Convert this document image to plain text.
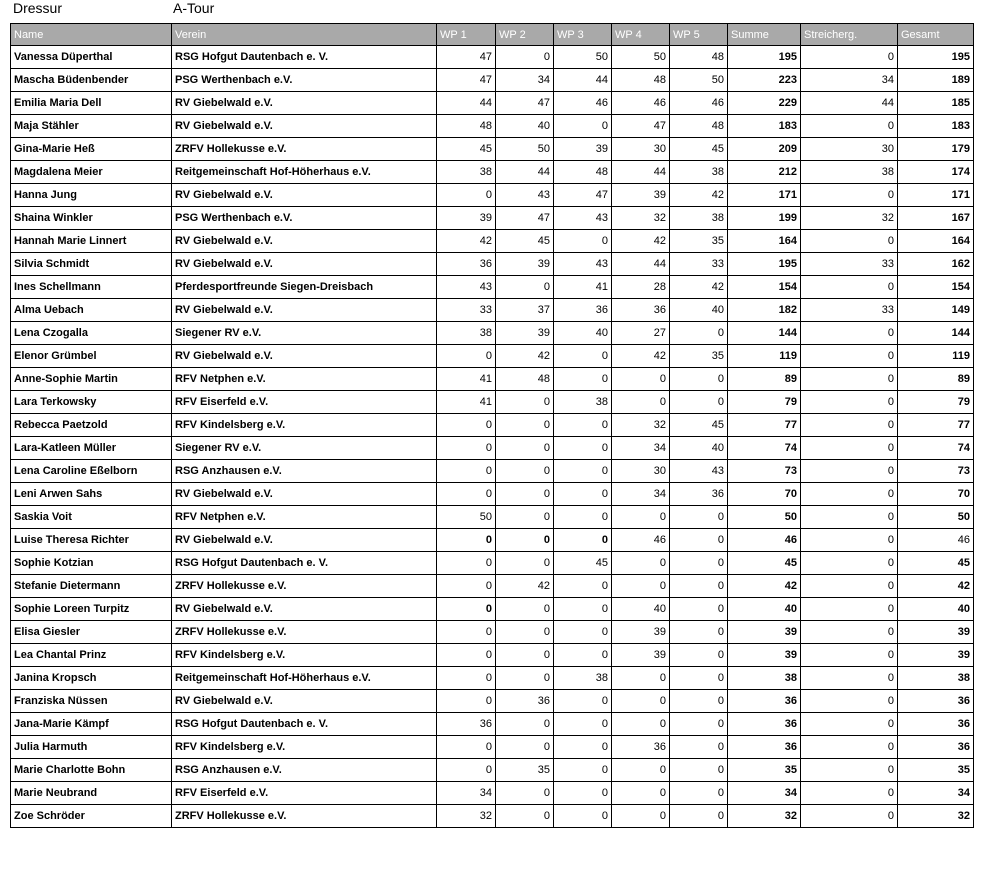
Dressur	A-Tour
Name	Verein	WP 1	WP 2	WP 3	WP 4	WP 5	Summe	Streicherg.	Gesamt
Vanessa Düperthal	RSG Hofgut Dautenbach e. V.	47	0	50	50	48	195	0	195
Mascha Büdenbender	PSG Werthenbach e.V.	47	34	44	48	50	223	34	189
Emilia Maria Dell	RV Giebelwald e.V.	44	47	46	46	46	229	44	185
Maja Stähler	RV Giebelwald e.V.	48	40	0	47	48	183	0	183
Gina-Marie Heß	ZRFV Hollekusse e.V.	45	50	39	30	45	209	30	179
Magdalena Meier	Reitgemeinschaft Hof-Höherhaus e.V.	38	44	48	44	38	212	38	174
Hanna Jung	RV Giebelwald e.V.	0	43	47	39	42	171	0	171
Shaina Winkler	PSG Werthenbach e.V.	39	47	43	32	38	199	32	167
Hannah Marie Linnert	RV Giebelwald e.V.	42	45	0	42	35	164	0	164
Silvia Schmidt	RV Giebelwald e.V.	36	39	43	44	33	195	33	162
Ines Schellmann	Pferdesportfreunde Siegen-Dreisbach	43	0	41	28	42	154	0	154
Alma Uebach	RV Giebelwald e.V.	33	37	36	36	40	182	33	149
Lena Czogalla	Siegener RV e.V.	38	39	40	27	0	144	0	144
Elenor Grümbel	RV Giebelwald e.V.	0	42	0	42	35	119	0	119
Anne-Sophie Martin	RFV Netphen e.V.	41	48	0	0	0	89	0	89
Lara Terkowsky	RFV Eiserfeld e.V.	41	0	38	0	0	79	0	79
Rebecca Paetzold	RFV Kindelsberg e.V.	0	0	0	32	45	77	0	77
Lara-Katleen Müller	Siegener RV e.V.	0	0	0	34	40	74	0	74
Lena Caroline Eßelborn	RSG Anzhausen e.V.	0	0	0	30	43	73	0	73
Leni Arwen Sahs	RV Giebelwald e.V.	0	0	0	34	36	70	0	70
Saskia Voit	RFV Netphen e.V.	50	0	0	0	0	50	0	50
Luise Theresa Richter	RV Giebelwald e.V.	0	0	0	46	0	46	0	46
Sophie Kotzian	RSG Hofgut Dautenbach e. V.	0	0	45	0	0	45	0	45
Stefanie Dietermann	ZRFV Hollekusse e.V.	0	42	0	0	0	42	0	42
Sophie Loreen Turpitz	RV Giebelwald e.V.	0	0	0	40	0	40	0	40
Elisa Giesler	ZRFV Hollekusse e.V.	0	0	0	39	0	39	0	39
Lea Chantal Prinz	RFV Kindelsberg e.V.	0	0	0	39	0	39	0	39
Janina Kropsch	Reitgemeinschaft Hof-Höherhaus e.V.	0	0	38	0	0	38	0	38
Franziska Nüssen	RV Giebelwald e.V.	0	36	0	0	0	36	0	36
Jana-Marie Kämpf	RSG Hofgut Dautenbach e. V.	36	0	0	0	0	36	0	36
Julia Harmuth	RFV Kindelsberg e.V.	0	0	0	36	0	36	0	36
Marie Charlotte Bohn	RSG Anzhausen e.V.	0	35	0	0	0	35	0	35
Marie Neubrand	RFV Eiserfeld e.V.	34	0	0	0	0	34	0	34
Zoe Schröder	ZRFV Hollekusse e.V.	32	0	0	0	0	32	0	32
